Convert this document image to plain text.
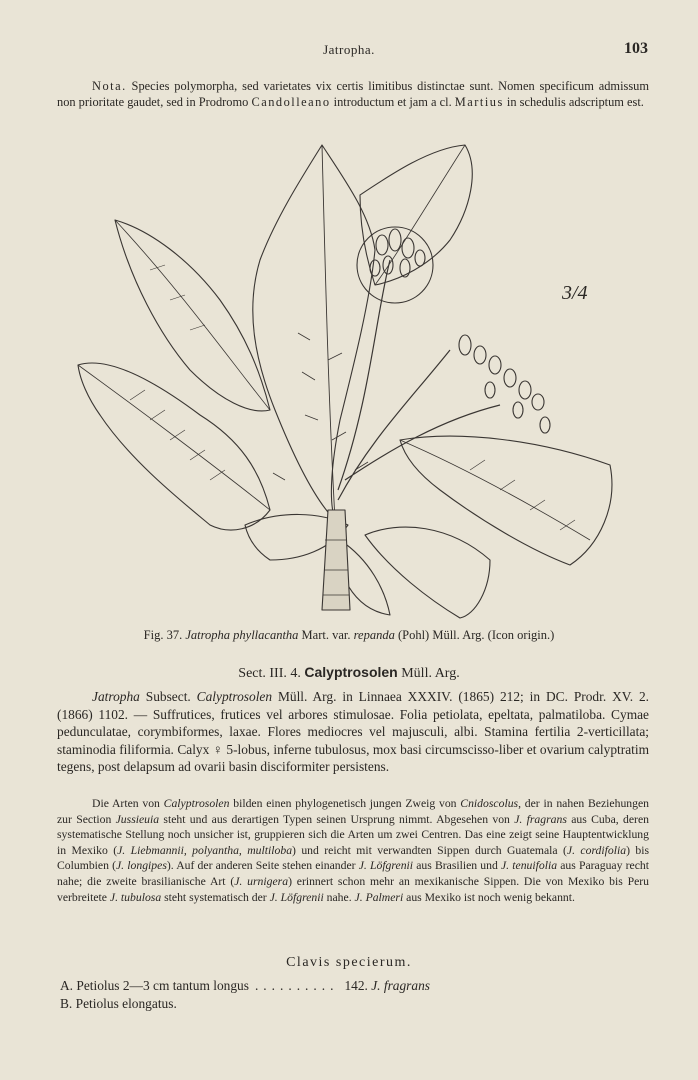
Jatropha.	103
Nota. Species polymorpha, sed varietates vix certis limitibus distinctae sunt. Nomen specificum admissum non prioritate gaudet, sed in Prodromo Candolleano introductum et jam a cl. Martius in schedulis adscriptum est.
3/4
Fig. 37. Jatropha phyllacantha Mart. var. repanda (Pohl) Müll. Arg. (Icon origin.)
Sect. III. 4. Calyptrosolen Müll. Arg.

Jatropha Subsect. Calyptrosolen Müll. Arg. in Linnaea XXXIV. (1865) 212; in DC. Prodr. XV. 2. (1866) 1102. — Suffrutices, frutices vel arbores stimulosae. Folia petiolata, epeltata, palmatiloba. Cymae pedunculatae, corymbiformes, laxae. Flores mediocres vel majusculi, albi. Stamina fertilia 2-verticillata; staminodia filiformia. Calyx ♀ 5-lobus, inferne tubulosus, mox basi circumscisso-liber et ovarium calyptratim tegens, post delapsum ad ovarii basin disciformiter persistens.

Die Arten von Calyptrosolen bilden einen phylogenetisch jungen Zweig von Cnidoscolus, der in nahen Beziehungen zur Section Jussieuia steht und aus derartigen Typen seinen Ursprung nimmt. Abgesehen von J. fragrans aus Cuba, deren systematische Stellung noch unsicher ist, gruppieren sich die Arten um zwei Centren. Das eine zeigt seine Hauptentwicklung in Mexiko (J. Liebmannii, polyantha, multiloba) und reicht mit verwandten Sippen durch Guatemala (J. cordifolia) bis Columbien (J. longipes). Auf der anderen Seite stehen einander J. Löfgrenii aus Brasilien und J. tenuifolia aus Paraguay recht nahe; die zweite brasilianische Art (J. urnigera) erinnert schon mehr an mexikanische Sippen. Die von Mexiko bis Peru verbreitete J. tubulosa steht systematisch der J. Löfgrenii nahe. J. Palmeri aus Mexiko ist noch wenig bekannt.

Clavis specierum.
A. Petiolus 2—3 cm tantum longus .......... 142. J. fragrans
B. Petiolus elongatus.
